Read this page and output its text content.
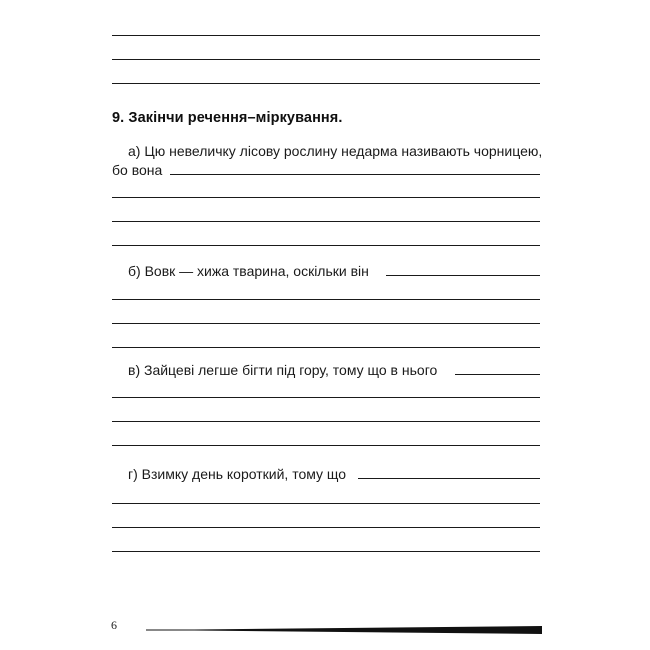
9. Закінчи речення–міркування.
а) Цю невеличку лісову рослину недарма називають чорницею,
бо вона
б) Вовк — хижа тварина, оскільки він
в) Зайцеві легше бігти під гору, тому що в нього
г) Взимку день короткий, тому що
6
